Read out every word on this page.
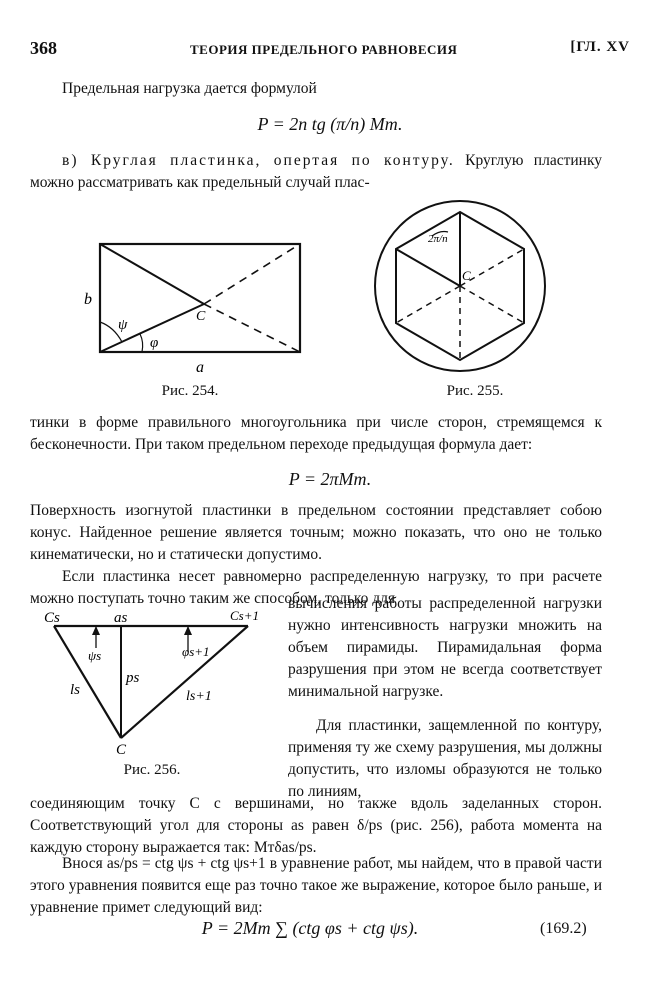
368	ТЕОРИЯ ПРЕДЕЛЬНОГО РАВНОВЕСИЯ	[ГЛ. XV
Предельная нагрузка дается формулой
P = 2n tg (π/n) Mт.
в) Круглая пластинка, опертая по контуру. Круглую пластинку можно рассматривать как предельный случай плас-
b
a
C
ψ
φ
Рис. 254.
2π/n
C
Рис. 255.
тинки в форме правильного многоугольника при числе сторон, стремящемся к бесконечности. При таком предельном переходе предыдущая формула дает:
P = 2πMт.
Поверхность изогнутой пластинки в предельном состоянии представляет собою конус. Найденное решение является точным; можно показать, что оно не только кинематически, но и статически допустимо.
Если пластинка несет равномерно распределенную нагрузку, то при расчете можно поступать точно таким же способом, только для
Cs	as	Cs+1
ψs	φs+1
ls
ps
ls+1
C
Рис. 256.
вычисления работы распределенной нагрузки нужно интенсивность нагрузки множить на объем пирамиды. Пирамидальная форма разрушения при этом не всегда соответствует минимальной нагрузке.
Для пластинки, защемленной по контуру, применяя ту же схему разрушения, мы должны допустить, что изломы образуются не только по линиям,
соединяющим точку C с вершинами, но также вдоль заделанных сторон. Соответствующий угол для стороны as равен δ/ps (рис. 256), работа момента на каждую сторону выражается так: Mтδas/ps.
Внося as/ps = ctg ψs + ctg ψs+1 в уравнение работ, мы найдем, что в правой части этого уравнения появится еще раз точно такое же выражение, которое было раньше, и уравнение примет следующий вид:
P = 2Mт ∑ (ctg φs + ctg ψs).	(169.2)
